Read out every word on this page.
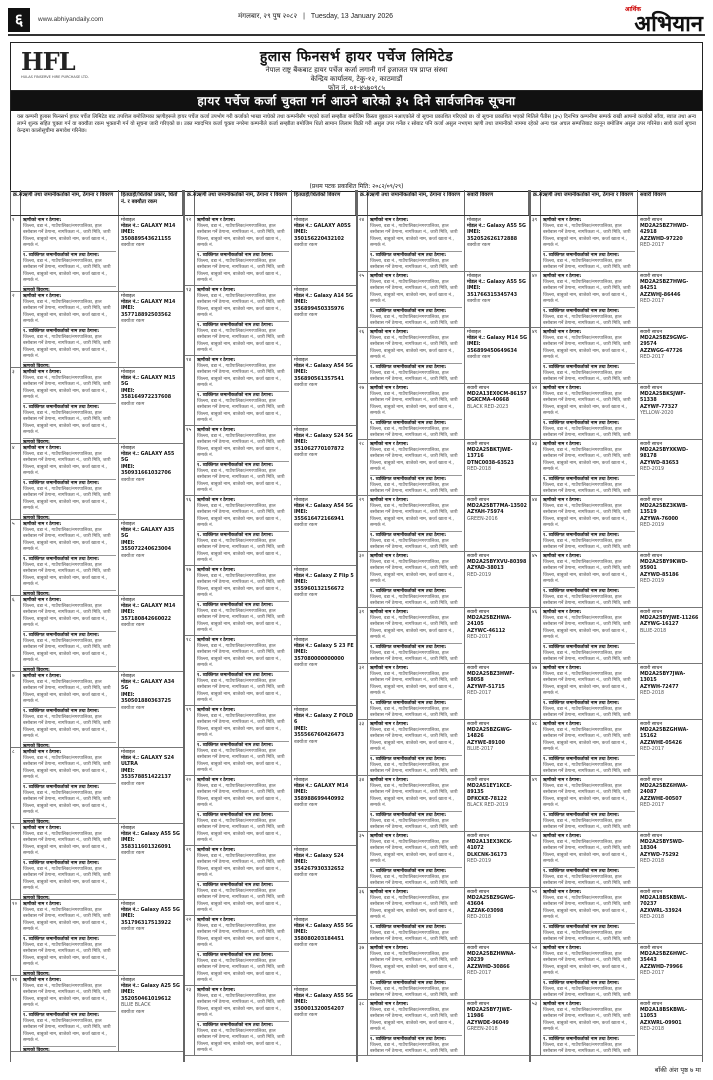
६	www.abhiyandaily.com	मंगलबार, २९ पुष २०८२ | Tuesday, 13 January 2026
आर्थिक
अभियान
HFL
HULAS FINSERVE HIRE PURCHASE LTD.
हुलास फिनसर्भ हायर पर्चेज लिमिटेड
नेपाल राष्ट्र बैंकबाट हायर पर्चेज कर्जा लगानी गर्न इजाजत पत्र प्राप्त संस्था
केन्द्रिय कार्यालय, टेकु-१२, काठमाडौं
फोन नं. ०१-४५७०९८५
हायर पर्चेज कर्जा चुक्ता गर्न आउने बारेको ३५ दिने सार्वजनिक सूचना
यस कम्पनी हुलास फिनसर्भ हायर पर्चेज लिमिटेड बाट तपशिल बमोजिमका ऋणीहरूले हायर पर्चेज कर्जा उपभोग गरी कर्जाको भाखा नाघेको तथा कम्पनीसँग भएको कर्जा सम्झौता बमोजिम किस्ता बुझाउन नआएकोले यो सूचना प्रकाशित गरिएको छ। यो सूचना प्रकाशित भएको मितिले पैंतीस (३५) दिनभित्र कम्पनीमा सम्पर्क राखी आफ्नो कर्जाको साँवा, ब्याज तथा अन्य लाग्ने शुल्क सहित चुक्ता गर्न वा बक्यौता रकम भुक्तानी गर्न यो सूचना जारी गरिएको छ। उक्त म्यादभित्र कर्जा चुक्ता नगरेमा कम्पनीले कर्जा सम्झौता बमोजिम धितो सामान लिलाम बिक्री गरी असुल उपर गर्नेछ र सोबाट पनि कर्जा असुल नभएमा ऋणी तथा जमानीको नाममा रहेको अन्य चल अचल सम्पत्तिबाट कानून बमोजिम असुल उपर गरिनेछ। साथै कर्जा सूचना केन्द्रमा कालोसूचीमा समावेश गरिनेछ।
(प्रथम पटक प्रकाशित मिति: २०८२/०९/२९)
क्र.सं.
ऋणी तथा जमानीकर्ताको नाम, ठेगाना र विवरण	हितग्राही/धितोको प्रकार, धितो नं. र बक्यौता रकम
१	ऋणीको नाम र ठेगाना:
जिल्ला, वडा नं., गाउँपालिका/नगरपालिका, हाल बसोबास गर्ने ठेगाना, नागरिकता नं., जारी मिति, जारी जिल्ला, बाबुको नाम, बाजेको नाम, कर्जा खाता नं., सम्पर्क नं.
१. व्यक्तिगत जमानीकर्ताको नाम तथा ठेगाना:
जिल्ला, वडा नं., गाउँपालिका/नगरपालिका, हाल बसोबास गर्ने ठेगाना, नागरिकता नं., जारी मिति, जारी जिल्ला, बाबुको नाम, बाजेको नाम, कर्जा खाता नं., सम्पर्क नं.
ऋणको विवरण:
मोबाइल
मोडल नं.: GALAXY M14
IMEI: 350889543621155
बक्यौता रकम
२	ऋणीको नाम र ठेगाना:
जिल्ला, वडा नं., गाउँपालिका/नगरपालिका, हाल बसोबास गर्ने ठेगाना, नागरिकता नं., जारी मिति, जारी जिल्ला, बाबुको नाम, बाजेको नाम, कर्जा खाता नं., सम्पर्क नं.
१. व्यक्तिगत जमानीकर्ताको नाम तथा ठेगाना:
जिल्ला, वडा नं., गाउँपालिका/नगरपालिका, हाल बसोबास गर्ने ठेगाना, नागरिकता नं., जारी मिति, जारी जिल्ला, बाबुको नाम, बाजेको नाम, कर्जा खाता नं., सम्पर्क नं.
ऋणको विवरण:
मोबाइल
मोडल नं.: GALAXY M14
IMEI: 357718892503562
बक्यौता रकम
३	ऋणीको नाम र ठेगाना:
जिल्ला, वडा नं., गाउँपालिका/नगरपालिका, हाल बसोबास गर्ने ठेगाना, नागरिकता नं., जारी मिति, जारी जिल्ला, बाबुको नाम, बाजेको नाम, कर्जा खाता नं., सम्पर्क नं.
१. व्यक्तिगत जमानीकर्ताको नाम तथा ठेगाना:
जिल्ला, वडा नं., गाउँपालिका/नगरपालिका, हाल बसोबास गर्ने ठेगाना, नागरिकता नं., जारी मिति, जारी जिल्ला, बाबुको नाम, बाजेको नाम, कर्जा खाता नं., सम्पर्क नं.
ऋणको विवरण:
मोबाइल
मोडल नं.: GALAXY M15 5G
IMEI: 358164972237608
बक्यौता रकम
४	ऋणीको नाम र ठेगाना:
जिल्ला, वडा नं., गाउँपालिका/नगरपालिका, हाल बसोबास गर्ने ठेगाना, नागरिकता नं., जारी मिति, जारी जिल्ला, बाबुको नाम, बाजेको नाम, कर्जा खाता नं., सम्पर्क नं.
१. व्यक्तिगत जमानीकर्ताको नाम तथा ठेगाना:
जिल्ला, वडा नं., गाउँपालिका/नगरपालिका, हाल बसोबास गर्ने ठेगाना, नागरिकता नं., जारी मिति, जारी जिल्ला, बाबुको नाम, बाजेको नाम, कर्जा खाता नं., सम्पर्क नं.
ऋणको विवरण:
मोबाइल
मोडल नं.: GALAXY A55 5G
IMEI: 350931661032706
बक्यौता रकम
५	ऋणीको नाम र ठेगाना:
जिल्ला, वडा नं., गाउँपालिका/नगरपालिका, हाल बसोबास गर्ने ठेगाना, नागरिकता नं., जारी मिति, जारी जिल्ला, बाबुको नाम, बाजेको नाम, कर्जा खाता नं., सम्पर्क नं.
१. व्यक्तिगत जमानीकर्ताको नाम तथा ठेगाना:
जिल्ला, वडा नं., गाउँपालिका/नगरपालिका, हाल बसोबास गर्ने ठेगाना, नागरिकता नं., जारी मिति, जारी जिल्ला, बाबुको नाम, बाजेको नाम, कर्जा खाता नं., सम्पर्क नं.
ऋणको विवरण:
मोबाइल
मोडल नं.: GALAXY A35 5G
IMEI: 355072240623004
बक्यौता रकम
६	ऋणीको नाम र ठेगाना:
जिल्ला, वडा नं., गाउँपालिका/नगरपालिका, हाल बसोबास गर्ने ठेगाना, नागरिकता नं., जारी मिति, जारी जिल्ला, बाबुको नाम, बाजेको नाम, कर्जा खाता नं., सम्पर्क नं.
१. व्यक्तिगत जमानीकर्ताको नाम तथा ठेगाना:
जिल्ला, वडा नं., गाउँपालिका/नगरपालिका, हाल बसोबास गर्ने ठेगाना, नागरिकता नं., जारी मिति, जारी जिल्ला, बाबुको नाम, बाजेको नाम, कर्जा खाता नं., सम्पर्क नं.
ऋणको विवरण:
मोबाइल
मोडल नं.: GALAXY M14
IMEI: 357180842660022
बक्यौता रकम
७	ऋणीको नाम र ठेगाना:
जिल्ला, वडा नं., गाउँपालिका/नगरपालिका, हाल बसोबास गर्ने ठेगाना, नागरिकता नं., जारी मिति, जारी जिल्ला, बाबुको नाम, बाजेको नाम, कर्जा खाता नं., सम्पर्क नं.
१. व्यक्तिगत जमानीकर्ताको नाम तथा ठेगाना:
जिल्ला, वडा नं., गाउँपालिका/नगरपालिका, हाल बसोबास गर्ने ठेगाना, नागरिकता नं., जारी मिति, जारी जिल्ला, बाबुको नाम, बाजेको नाम, कर्जा खाता नं., सम्पर्क नं.
ऋणको विवरण:
मोबाइल
मोडल नं.: GALAXY A34 5G
IMEI: 350501880363725
बक्यौता रकम
८	ऋणीको नाम र ठेगाना:
जिल्ला, वडा नं., गाउँपालिका/नगरपालिका, हाल बसोबास गर्ने ठेगाना, नागरिकता नं., जारी मिति, जारी जिल्ला, बाबुको नाम, बाजेको नाम, कर्जा खाता नं., सम्पर्क नं.
१. व्यक्तिगत जमानीकर्ताको नाम तथा ठेगाना:
जिल्ला, वडा नं., गाउँपालिका/नगरपालिका, हाल बसोबास गर्ने ठेगाना, नागरिकता नं., जारी मिति, जारी जिल्ला, बाबुको नाम, बाजेको नाम, कर्जा खाता नं., सम्पर्क नं.
ऋणको विवरण:
मोबाइल
मोडल नं.: GALAXY S24 ULTRA
IMEI: 353578851422137
बक्यौता रकम
९	ऋणीको नाम र ठेगाना:
जिल्ला, वडा नं., गाउँपालिका/नगरपालिका, हाल बसोबास गर्ने ठेगाना, नागरिकता नं., जारी मिति, जारी जिल्ला, बाबुको नाम, बाजेको नाम, कर्जा खाता नं., सम्पर्क नं.
१. व्यक्तिगत जमानीकर्ताको नाम तथा ठेगाना:
जिल्ला, वडा नं., गाउँपालिका/नगरपालिका, हाल बसोबास गर्ने ठेगाना, नागरिकता नं., जारी मिति, जारी जिल्ला, बाबुको नाम, बाजेको नाम, कर्जा खाता नं., सम्पर्क नं.
ऋणको विवरण:
मोबाइल
मोडल नं.: Galaxy A55 5G
IMEI: 358311601326091
बक्यौता रकम
१०	ऋणीको नाम र ठेगाना:
जिल्ला, वडा नं., गाउँपालिका/नगरपालिका, हाल बसोबास गर्ने ठेगाना, नागरिकता नं., जारी मिति, जारी जिल्ला, बाबुको नाम, बाजेको नाम, कर्जा खाता नं., सम्पर्क नं.
१. व्यक्तिगत जमानीकर्ताको नाम तथा ठेगाना:
जिल्ला, वडा नं., गाउँपालिका/नगरपालिका, हाल बसोबास गर्ने ठेगाना, नागरिकता नं., जारी मिति, जारी जिल्ला, बाबुको नाम, बाजेको नाम, कर्जा खाता नं., सम्पर्क नं.
ऋणको विवरण:
मोबाइल
मोडल नं.: Galaxy A55 5G
IMEI: 351796317513922
बक्यौता रकम
११	ऋणीको नाम र ठेगाना:
जिल्ला, वडा नं., गाउँपालिका/नगरपालिका, हाल बसोबास गर्ने ठेगाना, नागरिकता नं., जारी मिति, जारी जिल्ला, बाबुको नाम, बाजेको नाम, कर्जा खाता नं., सम्पर्क नं.
१. व्यक्तिगत जमानीकर्ताको नाम तथा ठेगाना:
जिल्ला, वडा नं., गाउँपालिका/नगरपालिका, हाल बसोबास गर्ने ठेगाना, नागरिकता नं., जारी मिति, जारी जिल्ला, बाबुको नाम, बाजेको नाम, कर्जा खाता नं., सम्पर्क नं.
ऋणको विवरण:
मोबाइल
मोडल नं.: Galaxy A25 5G
IMEI: 352050461019612
BLUE BLACK
बक्यौता रकम
क्र.सं.
ऋणी तथा जमानीकर्ताको नाम, ठेगाना र विवरण	हितग्राही/धितोको विवरण
१२	ऋणीको नाम र ठेगाना:
जिल्ला, वडा नं., गाउँपालिका/नगरपालिका, हाल बसोबास गर्ने ठेगाना, नागरिकता नं., जारी मिति, जारी जिल्ला, बाबुको नाम, बाजेको नाम, कर्जा खाता नं., सम्पर्क नं.
१. व्यक्तिगत जमानीकर्ताको नाम तथा ठेगाना:
जिल्ला, वडा नं., गाउँपालिका/नगरपालिका, हाल बसोबास गर्ने ठेगाना, नागरिकता नं., जारी मिति, जारी जिल्ला, बाबुको नाम, बाजेको नाम, कर्जा खाता नं., सम्पर्क नं.
मोबाइल
मोडल नं.: GALAXY A05S
IMEI: 350156220432102
बक्यौता रकम
१३	ऋणीको नाम र ठेगाना:
जिल्ला, वडा नं., गाउँपालिका/नगरपालिका, हाल बसोबास गर्ने ठेगाना, नागरिकता नं., जारी मिति, जारी जिल्ला, बाबुको नाम, बाजेको नाम, कर्जा खाता नं., सम्पर्क नं.
१. व्यक्तिगत जमानीकर्ताको नाम तथा ठेगाना:
जिल्ला, वडा नं., गाउँपालिका/नगरपालिका, हाल बसोबास गर्ने ठेगाना, नागरिकता नं., जारी मिति, जारी जिल्ला, बाबुको नाम, बाजेको नाम, कर्जा खाता नं., सम्पर्क नं.
मोबाइल
मोडल नं.: Galaxy A14 5G
IMEI: 356899450335976
बक्यौता रकम
१४	ऋणीको नाम र ठेगाना:
जिल्ला, वडा नं., गाउँपालिका/नगरपालिका, हाल बसोबास गर्ने ठेगाना, नागरिकता नं., जारी मिति, जारी जिल्ला, बाबुको नाम, बाजेको नाम, कर्जा खाता नं., सम्पर्क नं.
१. व्यक्तिगत जमानीकर्ताको नाम तथा ठेगाना:
जिल्ला, वडा नं., गाउँपालिका/नगरपालिका, हाल बसोबास गर्ने ठेगाना, नागरिकता नं., जारी मिति, जारी जिल्ला, बाबुको नाम, बाजेको नाम, कर्जा खाता नं., सम्पर्क नं.
मोबाइल
मोडल नं.: Galaxy A54 5G
IMEI: 356890561357541
बक्यौता रकम
१५	ऋणीको नाम र ठेगाना:
जिल्ला, वडा नं., गाउँपालिका/नगरपालिका, हाल बसोबास गर्ने ठेगाना, नागरिकता नं., जारी मिति, जारी जिल्ला, बाबुको नाम, बाजेको नाम, कर्जा खाता नं., सम्पर्क नं.
१. व्यक्तिगत जमानीकर्ताको नाम तथा ठेगाना:
जिल्ला, वडा नं., गाउँपालिका/नगरपालिका, हाल बसोबास गर्ने ठेगाना, नागरिकता नं., जारी मिति, जारी जिल्ला, बाबुको नाम, बाजेको नाम, कर्जा खाता नं., सम्पर्क नं.
मोबाइल
मोडल नं.: Galaxy S24 5G
IMEI: 351062770107872
बक्यौता रकम
१६	ऋणीको नाम र ठेगाना:
जिल्ला, वडा नं., गाउँपालिका/नगरपालिका, हाल बसोबास गर्ने ठेगाना, नागरिकता नं., जारी मिति, जारी जिल्ला, बाबुको नाम, बाजेको नाम, कर्जा खाता नं., सम्पर्क नं.
१. व्यक्तिगत जमानीकर्ताको नाम तथा ठेगाना:
जिल्ला, वडा नं., गाउँपालिका/नगरपालिका, हाल बसोबास गर्ने ठेगाना, नागरिकता नं., जारी मिति, जारी जिल्ला, बाबुको नाम, बाजेको नाम, कर्जा खाता नं., सम्पर्क नं.
मोबाइल
मोडल नं.: Galaxy A54 5G
IMEI: 355616472166941
बक्यौता रकम
१७	ऋणीको नाम र ठेगाना:
जिल्ला, वडा नं., गाउँपालिका/नगरपालिका, हाल बसोबास गर्ने ठेगाना, नागरिकता नं., जारी मिति, जारी जिल्ला, बाबुको नाम, बाजेको नाम, कर्जा खाता नं., सम्पर्क नं.
१. व्यक्तिगत जमानीकर्ताको नाम तथा ठेगाना:
जिल्ला, वडा नं., गाउँपालिका/नगरपालिका, हाल बसोबास गर्ने ठेगाना, नागरिकता नं., जारी मिति, जारी जिल्ला, बाबुको नाम, बाजेको नाम, कर्जा खाता नं., सम्पर्क नं.
मोबाइल
मोडल नं.: Galaxy Z Flip 5
IMEI: 355960132156672
बक्यौता रकम
१८	ऋणीको नाम र ठेगाना:
जिल्ला, वडा नं., गाउँपालिका/नगरपालिका, हाल बसोबास गर्ने ठेगाना, नागरिकता नं., जारी मिति, जारी जिल्ला, बाबुको नाम, बाजेको नाम, कर्जा खाता नं., सम्पर्क नं.
१. व्यक्तिगत जमानीकर्ताको नाम तथा ठेगाना:
जिल्ला, वडा नं., गाउँपालिका/नगरपालिका, हाल बसोबास गर्ने ठेगाना, नागरिकता नं., जारी मिति, जारी जिल्ला, बाबुको नाम, बाजेको नाम, कर्जा खाता नं., सम्पर्क नं.
मोबाइल
मोडल नं.: Galaxy S 23 FE
IMEI: 357080000000000
बक्यौता रकम
१९	ऋणीको नाम र ठेगाना:
जिल्ला, वडा नं., गाउँपालिका/नगरपालिका, हाल बसोबास गर्ने ठेगाना, नागरिकता नं., जारी मिति, जारी जिल्ला, बाबुको नाम, बाजेको नाम, कर्जा खाता नं., सम्पर्क नं.
१. व्यक्तिगत जमानीकर्ताको नाम तथा ठेगाना:
जिल्ला, वडा नं., गाउँपालिका/नगरपालिका, हाल बसोबास गर्ने ठेगाना, नागरिकता नं., जारी मिति, जारी जिल्ला, बाबुको नाम, बाजेको नाम, कर्जा खाता नं., सम्पर्क नं.
मोबाइल
मोडल नं.: Galaxy Z FOLD 6
IMEI: 355566760426473
बक्यौता रकम
२०	ऋणीको नाम र ठेगाना:
जिल्ला, वडा नं., गाउँपालिका/नगरपालिका, हाल बसोबास गर्ने ठेगाना, नागरिकता नं., जारी मिति, जारी जिल्ला, बाबुको नाम, बाजेको नाम, कर्जा खाता नं., सम्पर्क नं.
१. व्यक्तिगत जमानीकर्ताको नाम तथा ठेगाना:
जिल्ला, वडा नं., गाउँपालिका/नगरपालिका, हाल बसोबास गर्ने ठेगाना, नागरिकता नं., जारी मिति, जारी जिल्ला, बाबुको नाम, बाजेको नाम, कर्जा खाता नं., सम्पर्क नं.
मोबाइल
मोडल नं.: GALAXY M14
IMEI: 358988699440992
बक्यौता रकम
२१	ऋणीको नाम र ठेगाना:
जिल्ला, वडा नं., गाउँपालिका/नगरपालिका, हाल बसोबास गर्ने ठेगाना, नागरिकता नं., जारी मिति, जारी जिल्ला, बाबुको नाम, बाजेको नाम, कर्जा खाता नं., सम्पर्क नं.
१. व्यक्तिगत जमानीकर्ताको नाम तथा ठेगाना:
जिल्ला, वडा नं., गाउँपालिका/नगरपालिका, हाल बसोबास गर्ने ठेगाना, नागरिकता नं., जारी मिति, जारी जिल्ला, बाबुको नाम, बाजेको नाम, कर्जा खाता नं., सम्पर्क नं.
मोबाइल
मोडल नं.: Galaxy S24
IMEI: 354267930332652
बक्यौता रकम
२२	ऋणीको नाम र ठेगाना:
जिल्ला, वडा नं., गाउँपालिका/नगरपालिका, हाल बसोबास गर्ने ठेगाना, नागरिकता नं., जारी मिति, जारी जिल्ला, बाबुको नाम, बाजेको नाम, कर्जा खाता नं., सम्पर्क नं.
१. व्यक्तिगत जमानीकर्ताको नाम तथा ठेगाना:
जिल्ला, वडा नं., गाउँपालिका/नगरपालिका, हाल बसोबास गर्ने ठेगाना, नागरिकता नं., जारी मिति, जारी जिल्ला, बाबुको नाम, बाजेको नाम, कर्जा खाता नं., सम्पर्क नं.
मोबाइल
मोडल नं.: Galaxy A55 5G
IMEI: 358080203184451
बक्यौता रकम
२३	ऋणीको नाम र ठेगाना:
जिल्ला, वडा नं., गाउँपालिका/नगरपालिका, हाल बसोबास गर्ने ठेगाना, नागरिकता नं., जारी मिति, जारी जिल्ला, बाबुको नाम, बाजेको नाम, कर्जा खाता नं., सम्पर्क नं.
१. व्यक्तिगत जमानीकर्ताको नाम तथा ठेगाना:
जिल्ला, वडा नं., गाउँपालिका/नगरपालिका, हाल बसोबास गर्ने ठेगाना, नागरिकता नं., जारी मिति, जारी जिल्ला, बाबुको नाम, बाजेको नाम, कर्जा खाता नं., सम्पर्क नं.
मोबाइल
मोडल नं.: Galaxy A55 5G
IMEI: 350001320054207
बक्यौता रकम
क्र.सं.
ऋणी तथा जमानीकर्ताको नाम, ठेगाना र विवरण	सवारी विवरण
२४	ऋणीको नाम र ठेगाना:
जिल्ला, वडा नं., गाउँपालिका/नगरपालिका, हाल बसोबास गर्ने ठेगाना, नागरिकता नं., जारी मिति, जारी जिल्ला, बाबुको नाम, बाजेको नाम, कर्जा खाता नं., सम्पर्क नं.
१. व्यक्तिगत जमानीकर्ताको नाम तथा ठेगाना:
जिल्ला, वडा नं., गाउँपालिका/नगरपालिका, हाल बसोबास गर्ने ठेगाना, नागरिकता नं., जारी मिति, जारी
मोबाइल
मोडल नं.: Galaxy A55 5G
IMEI: 352052626172888
बक्यौता रकम
२५	ऋणीको नाम र ठेगाना:
जिल्ला, वडा नं., गाउँपालिका/नगरपालिका, हाल बसोबास गर्ने ठेगाना, नागरिकता नं., जारी मिति, जारी जिल्ला, बाबुको नाम, बाजेको नाम, कर्जा खाता नं., सम्पर्क नं.
१. व्यक्तिगत जमानीकर्ताको नाम तथा ठेगाना:
जिल्ला, वडा नं., गाउँपालिका/नगरपालिका, हाल बसोबास गर्ने ठेगाना, नागरिकता नं., जारी मिति, जारी
मोबाइल
मोडल नं.: Galaxy A55 5G
IMEI: 351766315345743
बक्यौता रकम
२६	ऋणीको नाम र ठेगाना:
जिल्ला, वडा नं., गाउँपालिका/नगरपालिका, हाल बसोबास गर्ने ठेगाना, नागरिकता नं., जारी मिति, जारी जिल्ला, बाबुको नाम, बाजेको नाम, कर्जा खाता नं., सम्पर्क नं.
१. व्यक्तिगत जमानीकर्ताको नाम तथा ठेगाना:
जिल्ला, वडा नं., गाउँपालिका/नगरपालिका, हाल बसोबास गर्ने ठेगाना, नागरिकता नं., जारी मिति, जारी
मोबाइल
मोडल नं.: Galaxy M14 5G
IMEI: 356899450649634
बक्यौता रकम
२७	ऋणीको नाम र ठेगाना:
जिल्ला, वडा नं., गाउँपालिका/नगरपालिका, हाल बसोबास गर्ने ठेगाना, नागरिकता नं., जारी मिति, जारी जिल्ला, बाबुको नाम, बाजेको नाम, कर्जा खाता नं., सम्पर्क नं.
१. व्यक्तिगत जमानीकर्ताको नाम तथा ठेगाना:
जिल्ला, वडा नं., गाउँपालिका/नगरपालिका, हाल बसोबास गर्ने ठेगाना, नागरिकता नं., जारी मिति, जारी
सवारी साधन
MD2A13EX0CM-86157
DGKCMA-40668
BLACK RED-2023
२८	ऋणीको नाम र ठेगाना:
जिल्ला, वडा नं., गाउँपालिका/नगरपालिका, हाल बसोबास गर्ने ठेगाना, नागरिकता नं., जारी मिति, जारी जिल्ला, बाबुको नाम, बाजेको नाम, कर्जा खाता नं., सम्पर्क नं.
१. व्यक्तिगत जमानीकर्ताको नाम तथा ठेगाना:
जिल्ला, वडा नं., गाउँपालिका/नगरपालिका, हाल बसोबास गर्ने ठेगाना, नागरिकता नं., जारी मिति, जारी
सवारी साधन
MD2A25BKTJWE-13716
DTNC0038-63523
RED-2018
२९	ऋणीको नाम र ठेगाना:
जिल्ला, वडा नं., गाउँपालिका/नगरपालिका, हाल बसोबास गर्ने ठेगाना, नागरिकता नं., जारी मिति, जारी जिल्ला, बाबुको नाम, बाजेको नाम, कर्जा खाता नं., सम्पर्क नं.
१. व्यक्तिगत जमानीकर्ताको नाम तथा ठेगाना:
जिल्ला, वडा नं., गाउँपालिका/नगरपालिका, हाल बसोबास गर्ने ठेगाना, नागरिकता नं., जारी मिति, जारी
सवारी साधन
MD2A25BT7MA-13502
AZYAH-75974
GREEN-2016
३०	ऋणीको नाम र ठेगाना:
जिल्ला, वडा नं., गाउँपालिका/नगरपालिका, हाल बसोबास गर्ने ठेगाना, नागरिकता नं., जारी मिति, जारी जिल्ला, बाबुको नाम, बाजेको नाम, कर्जा खाता नं., सम्पर्क नं.
१. व्यक्तिगत जमानीकर्ताको नाम तथा ठेगाना:
जिल्ला, वडा नं., गाउँपालिका/नगरपालिका, हाल बसोबास गर्ने ठेगाना, नागरिकता नं., जारी मिति, जारी
सवारी साधन
MD2A25BYXVU-80398
AZYAD-38013
RED-2019
३१	ऋणीको नाम र ठेगाना:
जिल्ला, वडा नं., गाउँपालिका/नगरपालिका, हाल बसोबास गर्ने ठेगाना, नागरिकता नं., जारी मिति, जारी जिल्ला, बाबुको नाम, बाजेको नाम, कर्जा खाता नं., सम्पर्क नं.
१. व्यक्तिगत जमानीकर्ताको नाम तथा ठेगाना:
जिल्ला, वडा नं., गाउँपालिका/नगरपालिका, हाल बसोबास गर्ने ठेगाना, नागरिकता नं., जारी मिति, जारी
सवारी साधन
MD2A25BZHWA-24105
AZYWC-46112
RED-2017
३२	ऋणीको नाम र ठेगाना:
जिल्ला, वडा नं., गाउँपालिका/नगरपालिका, हाल बसोबास गर्ने ठेगाना, नागरिकता नं., जारी मिति, जारी जिल्ला, बाबुको नाम, बाजेको नाम, कर्जा खाता नं., सम्पर्क नं.
१. व्यक्तिगत जमानीकर्ताको नाम तथा ठेगाना:
जिल्ला, वडा नं., गाउँपालिका/नगरपालिका, हाल बसोबास गर्ने ठेगाना, नागरिकता नं., जारी मिति, जारी
सवारी साधन
MD2A25BZ3HWF-58058
AZYWF-51715
RED-2017
३३	ऋणीको नाम र ठेगाना:
जिल्ला, वडा नं., गाउँपालिका/नगरपालिका, हाल बसोबास गर्ने ठेगाना, नागरिकता नं., जारी मिति, जारी जिल्ला, बाबुको नाम, बाजेको नाम, कर्जा खाता नं., सम्पर्क नं.
१. व्यक्तिगत जमानीकर्ताको नाम तथा ठेगाना:
जिल्ला, वडा नं., गाउँपालिका/नगरपालिका, हाल बसोबास गर्ने ठेगाना, नागरिकता नं., जारी मिति, जारी
सवारी साधन
MD2A25BZGWG-14826
AZYWE-89100
BLUE-2017
३४	ऋणीको नाम र ठेगाना:
जिल्ला, वडा नं., गाउँपालिका/नगरपालिका, हाल बसोबास गर्ने ठेगाना, नागरिकता नं., जारी मिति, जारी जिल्ला, बाबुको नाम, बाजेको नाम, कर्जा खाता नं., सम्पर्क नं.
१. व्यक्तिगत जमानीकर्ताको नाम तथा ठेगाना:
जिल्ला, वडा नं., गाउँपालिका/नगरपालिका, हाल बसोबास गर्ने ठेगाना, नागरिकता नं., जारी मिति, जारी
सवारी साधन
MD2A51EY1KCE-89135
DFKCKE-78122
BLACK RED-2019
३५	ऋणीको नाम र ठेगाना:
जिल्ला, वडा नं., गाउँपालिका/नगरपालिका, हाल बसोबास गर्ने ठेगाना, नागरिकता नं., जारी मिति, जारी जिल्ला, बाबुको नाम, बाजेको नाम, कर्जा खाता नं., सम्पर्क नं.
१. व्यक्तिगत जमानीकर्ताको नाम तथा ठेगाना:
जिल्ला, वडा नं., गाउँपालिका/नगरपालिका, हाल बसोबास गर्ने ठेगाना, नागरिकता नं., जारी मिति, जारी
सवारी साधन
MD2A13EX3KCK-41072
DLKCNK-36173
RED-2019
३६	ऋणीको नाम र ठेगाना:
जिल्ला, वडा नं., गाउँपालिका/नगरपालिका, हाल बसोबास गर्ने ठेगाना, नागरिकता नं., जारी मिति, जारी जिल्ला, बाबुको नाम, बाजेको नाम, कर्जा खाता नं., सम्पर्क नं.
१. व्यक्तिगत जमानीकर्ताको नाम तथा ठेगाना:
जिल्ला, वडा नं., गाउँपालिका/नगरपालिका, हाल बसोबास गर्ने ठेगाना, नागरिकता नं., जारी मिति, जारी
सवारी साधन
MD2A25BZ9GWG-43604
AZZAK-03098
RED-2018
३७	ऋणीको नाम र ठेगाना:
जिल्ला, वडा नं., गाउँपालिका/नगरपालिका, हाल बसोबास गर्ने ठेगाना, नागरिकता नं., जारी मिति, जारी जिल्ला, बाबुको नाम, बाजेको नाम, कर्जा खाता नं., सम्पर्क नं.
१. व्यक्तिगत जमानीकर्ताको नाम तथा ठेगाना:
जिल्ला, वडा नं., गाउँपालिका/नगरपालिका, हाल बसोबास गर्ने ठेगाना, नागरिकता नं., जारी मिति, जारी
सवारी साधन
MD2A25BZHWNA-20239
AZZWHD-30866
RED-2017
३८	ऋणीको नाम र ठेगाना:
जिल्ला, वडा नं., गाउँपालिका/नगरपालिका, हाल बसोबास गर्ने ठेगाना, नागरिकता नं., जारी मिति, जारी जिल्ला, बाबुको नाम, बाजेको नाम, कर्जा खाता नं., सम्पर्क नं.
१. व्यक्तिगत जमानीकर्ताको नाम तथा ठेगाना:
जिल्ला, वडा नं., गाउँपालिका/नगरपालिका, हाल बसोबास गर्ने ठेगाना, नागरिकता नं., जारी मिति, जारी
सवारी साधन
MD2A25BY7JWE-11986
AZYWDE-96049
GREEN-2018
क्र.सं.
ऋणी तथा जमानीकर्ताको नाम, ठेगाना र विवरण	सवारी विवरण
३९	ऋणीको नाम र ठेगाना:
जिल्ला, वडा नं., गाउँपालिका/नगरपालिका, हाल बसोबास गर्ने ठेगाना, नागरिकता नं., जारी मिति, जारी जिल्ला, बाबुको नाम, बाजेको नाम, कर्जा खाता नं., सम्पर्क नं.
१. व्यक्तिगत जमानीकर्ताको नाम तथा ठेगाना:
जिल्ला, वडा नं., गाउँपालिका/नगरपालिका, हाल बसोबास गर्ने ठेगाना, नागरिकता नं., जारी मिति, जारी
सवारी साधन
MD2A25BZ7HWD-42918
AZZWHD-97220
RED-2017
४०	ऋणीको नाम र ठेगाना:
जिल्ला, वडा नं., गाउँपालिका/नगरपालिका, हाल बसोबास गर्ने ठेगाना, नागरिकता नं., जारी मिति, जारी जिल्ला, बाबुको नाम, बाजेको नाम, कर्जा खाता नं., सम्पर्क नं.
१. व्यक्तिगत जमानीकर्ताको नाम तथा ठेगाना:
जिल्ला, वडा नं., गाउँपालिका/नगरपालिका, हाल बसोबास गर्ने ठेगाना, नागरिकता नं., जारी मिति, जारी
सवारी साधन
MD2A25BZ7HWG-84251
AZZWHJ-86446
RED-2017
४१	ऋणीको नाम र ठेगाना:
जिल्ला, वडा नं., गाउँपालिका/नगरपालिका, हाल बसोबास गर्ने ठेगाना, नागरिकता नं., जारी मिति, जारी जिल्ला, बाबुको नाम, बाजेको नाम, कर्जा खाता नं., सम्पर्क नं.
१. व्यक्तिगत जमानीकर्ताको नाम तथा ठेगाना:
जिल्ला, वडा नं., गाउँपालिका/नगरपालिका, हाल बसोबास गर्ने ठेगाना, नागरिकता नं., जारी मिति, जारी
सवारी साधन
MD2A25BZ9GWG-29574
AZZWGG-47726
RED-2017
४२	ऋणीको नाम र ठेगाना:
जिल्ला, वडा नं., गाउँपालिका/नगरपालिका, हाल बसोबास गर्ने ठेगाना, नागरिकता नं., जारी मिति, जारी जिल्ला, बाबुको नाम, बाजेको नाम, कर्जा खाता नं., सम्पर्क नं.
१. व्यक्तिगत जमानीकर्ताको नाम तथा ठेगाना:
जिल्ला, वडा नं., गाउँपालिका/नगरपालिका, हाल बसोबास गर्ने ठेगाना, नागरिकता नं., जारी मिति, जारी
सवारी साधन
MD2A25BKSJWF-51338
AZYWF-77327
YELLOW-2020
४३	ऋणीको नाम र ठेगाना:
जिल्ला, वडा नं., गाउँपालिका/नगरपालिका, हाल बसोबास गर्ने ठेगाना, नागरिकता नं., जारी मिति, जारी जिल्ला, बाबुको नाम, बाजेको नाम, कर्जा खाता नं., सम्पर्क नं.
१. व्यक्तिगत जमानीकर्ताको नाम तथा ठेगाना:
जिल्ला, वडा नं., गाउँपालिका/नगरपालिका, हाल बसोबास गर्ने ठेगाना, नागरिकता नं., जारी मिति, जारी
सवारी साधन
MD2A25BYXKWD-98178
AZYWD-83653
RED-2019
४४	ऋणीको नाम र ठेगाना:
जिल्ला, वडा नं., गाउँपालिका/नगरपालिका, हाल बसोबास गर्ने ठेगाना, नागरिकता नं., जारी मिति, जारी जिल्ला, बाबुको नाम, बाजेको नाम, कर्जा खाता नं., सम्पर्क नं.
१. व्यक्तिगत जमानीकर्ताको नाम तथा ठेगाना:
जिल्ला, वडा नं., गाउँपालिका/नगरपालिका, हाल बसोबास गर्ने ठेगाना, नागरिकता नं., जारी मिति, जारी
सवारी साधन
MD2A25BZ3KWB-13519
AZYWA-76000
RED-2019
४५	ऋणीको नाम र ठेगाना:
जिल्ला, वडा नं., गाउँपालिका/नगरपालिका, हाल बसोबास गर्ने ठेगाना, नागरिकता नं., जारी मिति, जारी जिल्ला, बाबुको नाम, बाजेको नाम, कर्जा खाता नं., सम्पर्क नं.
१. व्यक्तिगत जमानीकर्ताको नाम तथा ठेगाना:
जिल्ला, वडा नं., गाउँपालिका/नगरपालिका, हाल बसोबास गर्ने ठेगाना, नागरिकता नं., जारी मिति, जारी
सवारी साधन
MD2A25BY9KWD-95901
AZYWD-85186
RED-2019
४६	ऋणीको नाम र ठेगाना:
जिल्ला, वडा नं., गाउँपालिका/नगरपालिका, हाल बसोबास गर्ने ठेगाना, नागरिकता नं., जारी मिति, जारी जिल्ला, बाबुको नाम, बाजेको नाम, कर्जा खाता नं., सम्पर्क नं.
१. व्यक्तिगत जमानीकर्ताको नाम तथा ठेगाना:
जिल्ला, वडा नं., गाउँपालिका/नगरपालिका, हाल बसोबास गर्ने ठेगाना, नागरिकता नं., जारी मिति, जारी
सवारी साधन
MD2A25BYJWE-11266
AZYWG-16127
BLUE-2018
४७	ऋणीको नाम र ठेगाना:
जिल्ला, वडा नं., गाउँपालिका/नगरपालिका, हाल बसोबास गर्ने ठेगाना, नागरिकता नं., जारी मिति, जारी जिल्ला, बाबुको नाम, बाजेको नाम, कर्जा खाता नं., सम्पर्क नं.
१. व्यक्तिगत जमानीकर्ताको नाम तथा ठेगाना:
जिल्ला, वडा नं., गाउँपालिका/नगरपालिका, हाल बसोबास गर्ने ठेगाना, नागरिकता नं., जारी मिति, जारी
सवारी साधन
MD2A25BY7JWA-13015
AZYWH-72477
RED-2018
४८	ऋणीको नाम र ठेगाना:
जिल्ला, वडा नं., गाउँपालिका/नगरपालिका, हाल बसोबास गर्ने ठेगाना, नागरिकता नं., जारी मिति, जारी जिल्ला, बाबुको नाम, बाजेको नाम, कर्जा खाता नं., सम्पर्क नं.
१. व्यक्तिगत जमानीकर्ताको नाम तथा ठेगाना:
जिल्ला, वडा नं., गाउँपालिका/नगरपालिका, हाल बसोबास गर्ने ठेगाना, नागरिकता नं., जारी मिति, जारी
सवारी साधन
MD2A25BZGHWA-15162
AZZWHE-05426
RED-2017
४९	ऋणीको नाम र ठेगाना:
जिल्ला, वडा नं., गाउँपालिका/नगरपालिका, हाल बसोबास गर्ने ठेगाना, नागरिकता नं., जारी मिति, जारी जिल्ला, बाबुको नाम, बाजेको नाम, कर्जा खाता नं., सम्पर्क नं.
१. व्यक्तिगत जमानीकर्ताको नाम तथा ठेगाना:
जिल्ला, वडा नं., गाउँपालिका/नगरपालिका, हाल बसोबास गर्ने ठेगाना, नागरिकता नं., जारी मिति, जारी
सवारी साधन
MD2A25BZ6HWA-24087
AZZWHE-00507
RED-2017
५०	ऋणीको नाम र ठेगाना:
जिल्ला, वडा नं., गाउँपालिका/नगरपालिका, हाल बसोबास गर्ने ठेगाना, नागरिकता नं., जारी मिति, जारी जिल्ला, बाबुको नाम, बाजेको नाम, कर्जा खाता नं., सम्पर्क नं.
१. व्यक्तिगत जमानीकर्ताको नाम तथा ठेगाना:
जिल्ला, वडा नं., गाउँपालिका/नगरपालिका, हाल बसोबास गर्ने ठेगाना, नागरिकता नं., जारी मिति, जारी
सवारी साधन
MD2A25BY5WD-18304
AZYWD-75292
RED-2018
५१	ऋणीको नाम र ठेगाना:
जिल्ला, वडा नं., गाउँपालिका/नगरपालिका, हाल बसोबास गर्ने ठेगाना, नागरिकता नं., जारी मिति, जारी जिल्ला, बाबुको नाम, बाजेको नाम, कर्जा खाता नं., सम्पर्क नं.
१. व्यक्तिगत जमानीकर्ताको नाम तथा ठेगाना:
जिल्ला, वडा नं., गाउँपालिका/नगरपालिका, हाल बसोबास गर्ने ठेगाना, नागरिकता नं., जारी मिति, जारी
सवारी साधन
MD2A18BSKBWL-70237
AZXWRL-33924
RED-2018
५२	ऋणीको नाम र ठेगाना:
जिल्ला, वडा नं., गाउँपालिका/नगरपालिका, हाल बसोबास गर्ने ठेगाना, नागरिकता नं., जारी मिति, जारी जिल्ला, बाबुको नाम, बाजेको नाम, कर्जा खाता नं., सम्पर्क नं.
१. व्यक्तिगत जमानीकर्ताको नाम तथा ठेगाना:
जिल्ला, वडा नं., गाउँपालिका/नगरपालिका, हाल बसोबास गर्ने ठेगाना, नागरिकता नं., जारी मिति, जारी
सवारी साधन
MD2A25BZ6HWC-35443
AZZWHD-79966
RED-2017
५३	ऋणीको नाम र ठेगाना:
जिल्ला, वडा नं., गाउँपालिका/नगरपालिका, हाल बसोबास गर्ने ठेगाना, नागरिकता नं., जारी मिति, जारी जिल्ला, बाबुको नाम, बाजेको नाम, कर्जा खाता नं., सम्पर्क नं.
१. व्यक्तिगत जमानीकर्ताको नाम तथा ठेगाना:
जिल्ला, वडा नं., गाउँपालिका/नगरपालिका, हाल बसोबास गर्ने ठेगाना, नागरिकता नं., जारी मिति, जारी
सवारी साधन
MD2A18BSKBWL-11053
AZXWRL-09901
RED-2018
बाँकी अंश पृष्ठ ७ मा
